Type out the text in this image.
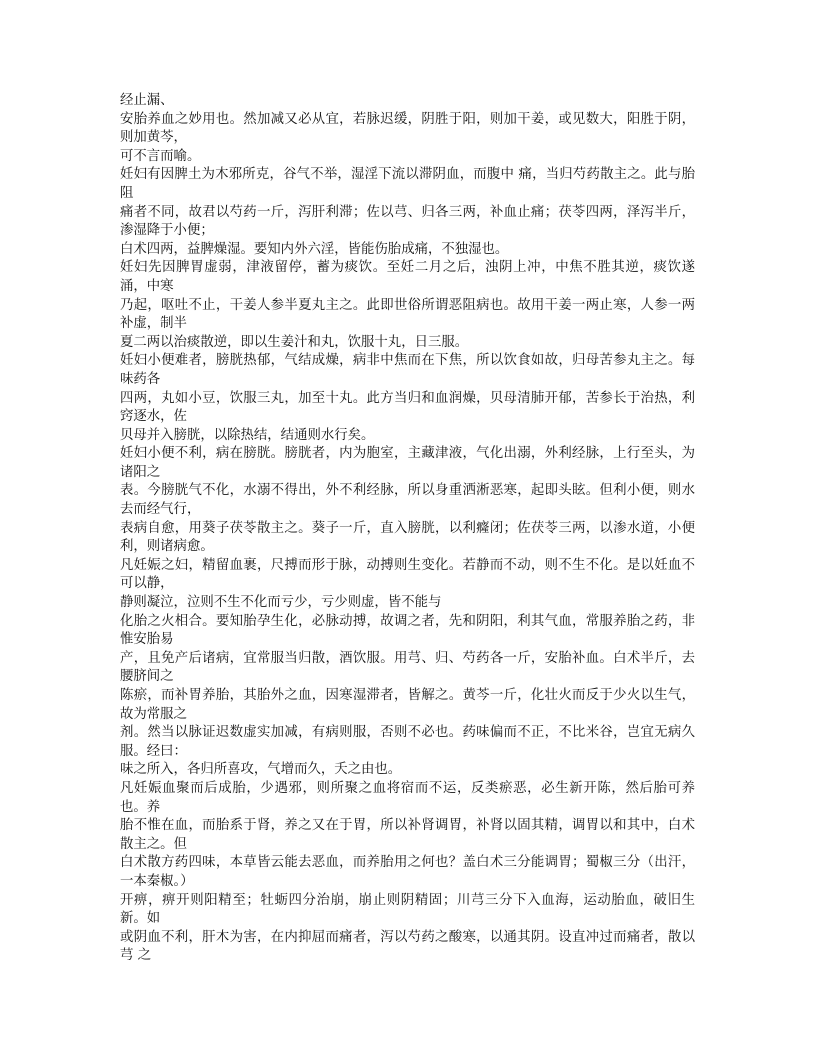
经止漏、

安胎养血之妙用也。然加减又必从宜，若脉迟缓，阴胜于阳，则加干姜，或见数大，阳胜于阴，则加黄芩，

可不言而喻。

妊妇有因脾土为木邪所克，谷气不举，湿淫下流以滞阴血，而腹中 痛，当归芍药散主之。此与胎阻

痛者不同，故君以芍药一斤，泻肝利滞；佐以芎、归各三两，补血止痛；茯苓四两，泽泻半斤，渗湿降于小便；

白术四两，益脾燥湿。要知内外六淫，皆能伤胎成痛，不独湿也。

妊妇先因脾胃虚弱，津液留停，蓄为痰饮。至妊二月之后，浊阴上冲，中焦不胜其逆，痰饮遂涌，中寒

乃起，呕吐不止，干姜人参半夏丸主之。此即世俗所谓恶阻病也。故用干姜一两止寒，人参一两补虚，制半

夏二两以治痰散逆，即以生姜汁和丸，饮服十丸，日三服。

妊妇小便难者，膀胱热郁，气结成燥，病非中焦而在下焦，所以饮食如故，归母苦参丸主之。每味药各

四两，丸如小豆，饮服三丸，加至十丸。此方当归和血润燥，贝母清肺开郁，苦参长于治热，利窍逐水，佐

贝母并入膀胱，以除热结，结通则水行矣。

妊妇小便不利，病在膀胱。膀胱者，内为胞室，主藏津液，气化出溺，外利经脉，上行至头，为诸阳之

表。今膀胱气不化，水溺不得出，外不利经脉，所以身重洒淅恶寒，起即头眩。但利小便，则水去而经气行，

表病自愈，用葵子茯苓散主之。葵子一斤，直入膀胱，以利癃闭；佐茯苓三两，以渗水道，小便利，则诸病愈。

凡妊娠之妇，精留血裹，尺搏而形于脉，动搏则生变化。若静而不动，则不生不化。是以妊血不可以静，

静则凝泣，泣则不生不化而亏少，亏少则虚，皆不能与

化胎之火相合。要知胎孕生化，必脉动搏，故调之者，先和阴阳，利其气血，常服养胎之药，非惟安胎易

产，且免产后诸病，宜常服当归散，酒饮服。用芎、归、芍药各一斤，安胎补血。白术半斤，去腰脐间之

陈瘀，而补胃养胎，其胎外之血，因寒湿滞者，皆解之。黄芩一斤，化壮火而反于少火以生气，故为常服之

剂。然当以脉证迟数虚实加减，有病则服，否则不必也。药味偏而不正，不比米谷，岂宜无病久服。经曰：

味之所入，各归所喜攻，气增而久，夭之由也。

凡妊娠血聚而后成胎，少遇邪，则所聚之血将宿而不运，反类瘀恶，必生新开陈，然后胎可养也。养

胎不惟在血，而胎系于肾，养之又在于胃，所以补肾调胃，补肾以固其精，调胃以和其中，白术散主之。但

白术散方药四味，本草皆云能去恶血，而养胎用之何也？盖白术三分能调胃；蜀椒三分（出汗，一本秦椒。）

开痹，痹开则阳精至；牡蛎四分治崩，崩止则阴精固；川芎三分下入血海，运动胎血，破旧生新。如

或阴血不利，肝木为害，在内抑屈而痛者，泻以芍药之酸寒，以通其阴。设直冲过而痛者，散以芎 之
